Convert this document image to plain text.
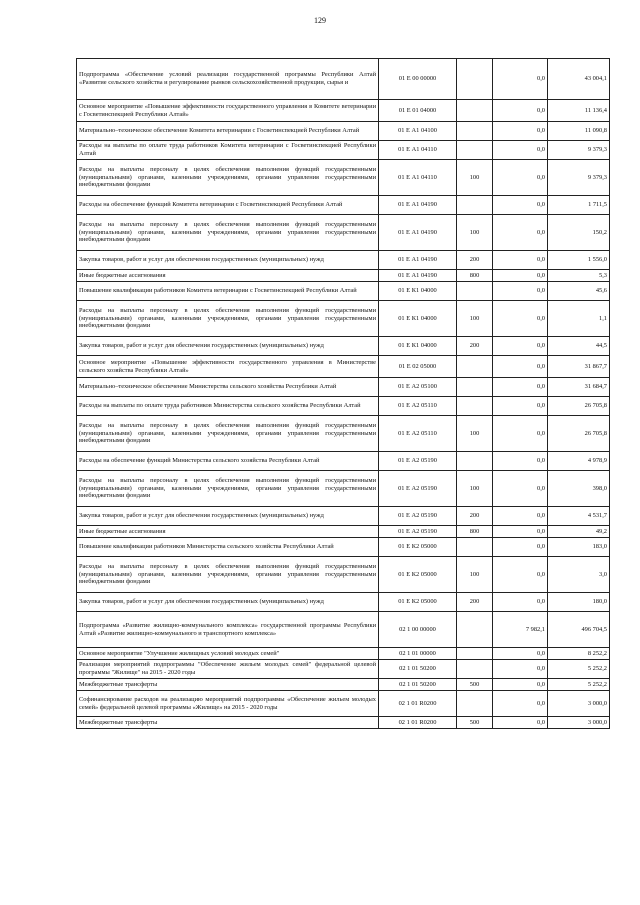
129
Подпрограмма «Обеспечение условий реализации государственной программы Республики Алтай «Развитие сельского хозяйства и регулирование рынков сельскохозяйственной продукции, сырья и	01 Е 00 00000		0,0	43 004,1
Основное мероприятие «Повышение эффективности государственного управления в Комитете ветеринарии с Госветинспекцией Республики Алтай»	01 Е 01 04000		0,0	11 136,4
Материально–техническое обеспечение Комитета ветеринарии с Госветинспекцией Республики Алтай	01 Е А1 04100		0,0	11 090,8
Расходы на выплаты по оплате труда работников Комитета ветеринарии с Госветинспекцией Республики Алтай	01 Е А1 04110		0,0	9 379,3
Расходы на выплаты персоналу в целях обеспечения выполнения функций государственными (муниципальными) органами, казенными учреждениями, органами управления государственными внебюджетными фондами	01 Е А1 04110	100	0,0	9 379,3
Расходы на обеспечение функций Комитета ветеринарии с Госветинспекцией Республики Алтай	01 Е А1 04190		0,0	1 711,5
Расходы на выплаты персоналу в целях обеспечения выполнения функций государственными (муниципальными) органами, казенными учреждениями, органами управления государственными внебюджетными фондами	01 Е А1 04190	100	0,0	150,2
Закупка товаров, работ и услуг для обеспечения государственных (муниципальных) нужд	01 Е А1 04190	200	0,0	1 556,0
Иные бюджетные ассигнования	01 Е А1 04190	800	0,0	5,3
Повышение квалификации работников Комитета ветеринарии с Госветинспекцией Республики Алтай	01 Е К1 04000		0,0	45,6
Расходы на выплаты персоналу в целях обеспечения выполнения функций государственными (муниципальными) органами, казенными учреждениями, органами управления государственными внебюджетными фондами	01 Е К1 04000	100	0,0	1,1
Закупка товаров, работ и услуг для обеспечения государственных (муниципальных) нужд	01 Е К1 04000	200	0,0	44,5
Основное мероприятие «Повышение эффективности государственного управления в Министерстве сельского хозяйства Республики Алтай»	01 Е 02 05000		0,0	31 867,7
Материально–техническое обеспечение Министерства сельского хозяйства Республики Алтай	01 Е А2 05100		0,0	31 684,7
Расходы на выплаты по оплате труда работников Министерства сельского хозяйства Республики Алтай	01 Е А2 05110		0,0	26 705,8
Расходы на выплаты персоналу в целях обеспечения выполнения функций государственными (муниципальными) органами, казенными учреждениями, органами управления государственными внебюджетными фондами	01 Е А2 05110	100	0,0	26 705,8
Расходы на обеспечение функций Министерства сельского хозяйства Республики Алтай	01 Е А2 05190		0,0	4 978,9
Расходы на выплаты персоналу в целях обеспечения выполнения функций государственными (муниципальными) органами, казенными учреждениями, органами управления государственными внебюджетными фондами	01 Е А2 05190	100	0,0	398,0
Закупка товаров, работ и услуг для обеспечения государственных (муниципальных) нужд	01 Е А2 05190	200	0,0	4 531,7
Иные бюджетные ассигнования	01 Е А2 05190	800	0,0	49,2
Повышение квалификации работников Министерства сельского хозяйства Республики Алтай	01 Е К2 05000		0,0	183,0
Расходы на выплаты персоналу в целях обеспечения выполнения функций государственными (муниципальными) органами, казенными учреждениями, органами управления государственными внебюджетными фондами	01 Е К2 05000	100	0,0	3,0
Закупка товаров, работ и услуг для обеспечения государственных (муниципальных) нужд	01 Е К2 05000	200	0,0	180,0
Подпрограмма «Развитие жилищно-коммунального комплекса» государственной программы Республики Алтай «Развитие жилищно-коммунального и транспортного комплекса»	02 1 00 00000		7 982,1	496 704,5
Основное мероприятие "Улучшение жилищных условий молодых семей"	02 1 01 00000		0,0	8 252,2
Реализация мероприятий подпрограммы "Обеспечение жильем молодых семей" федеральной целевой программы "Жилище" на 2015 - 2020 годы	02 1 01 50200		0,0	5 252,2
Межбюджетные трансферты	02 1 01 50200	500	0,0	5 252,2
Софинансирование расходов на реализацию мероприятий подпрограммы «Обеспечение жильем молодых семей» федеральной целевой программы «Жилище» на 2015 - 2020 годы	02 1 01 R0200		0,0	3 000,0
Межбюджетные трансферты	02 1 01 R0200	500	0,0	3 000,0
